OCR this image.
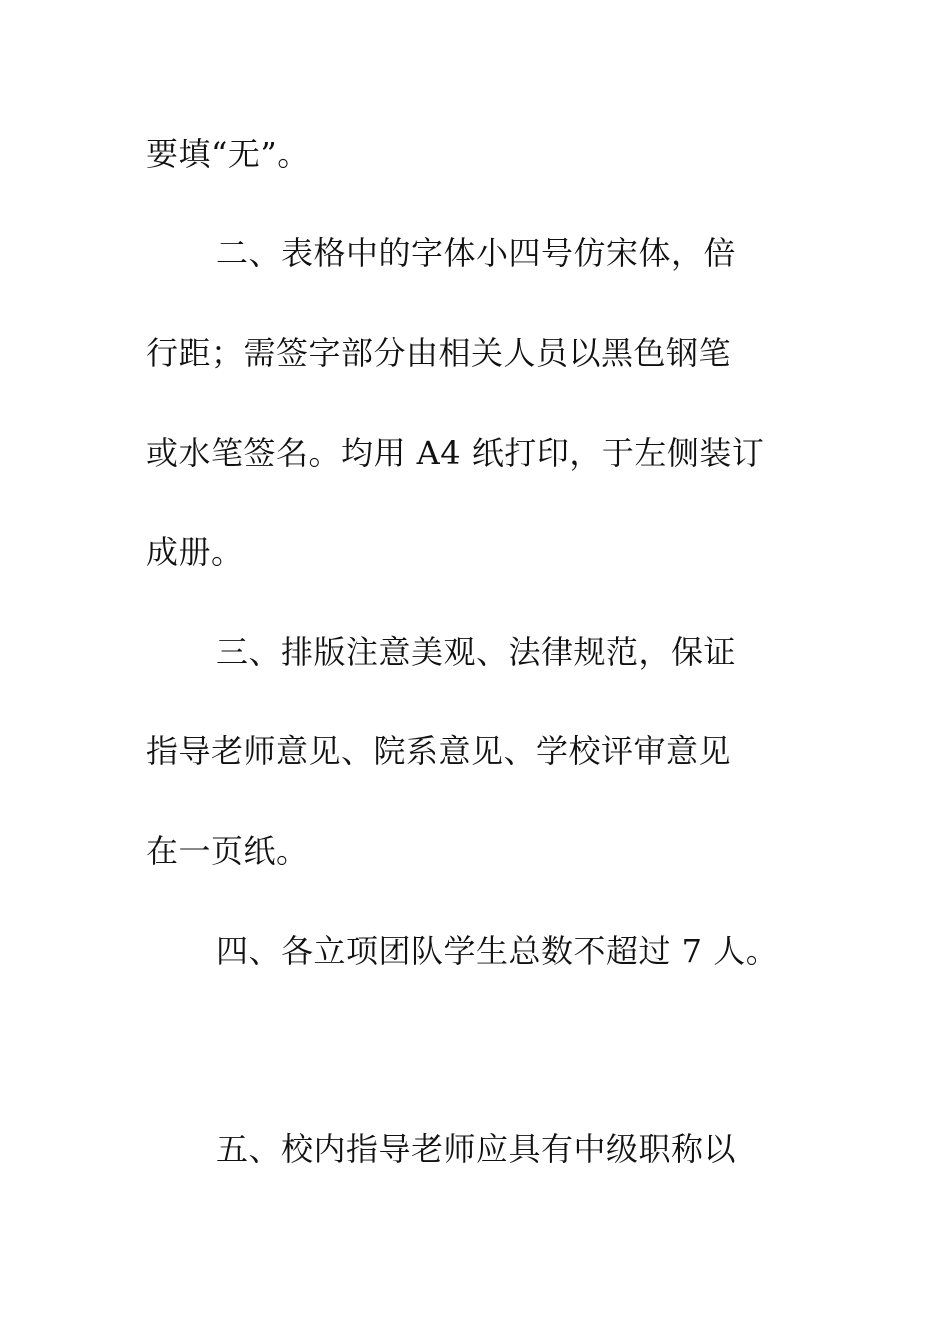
要填“无”。

二、表格中的字体小四号仿宋体，倍

行距；需签字部分由相关人员以黑色钢笔

或水笔签名。均用 A4 纸打印，于左侧装订

成册。

三、排版注意美观、法律规范，保证

指导老师意见、院系意见、学校评审意见

在一页纸。

四、各立项团队学生总数不超过 7 人。

五、校内指导老师应具有中级职称以
